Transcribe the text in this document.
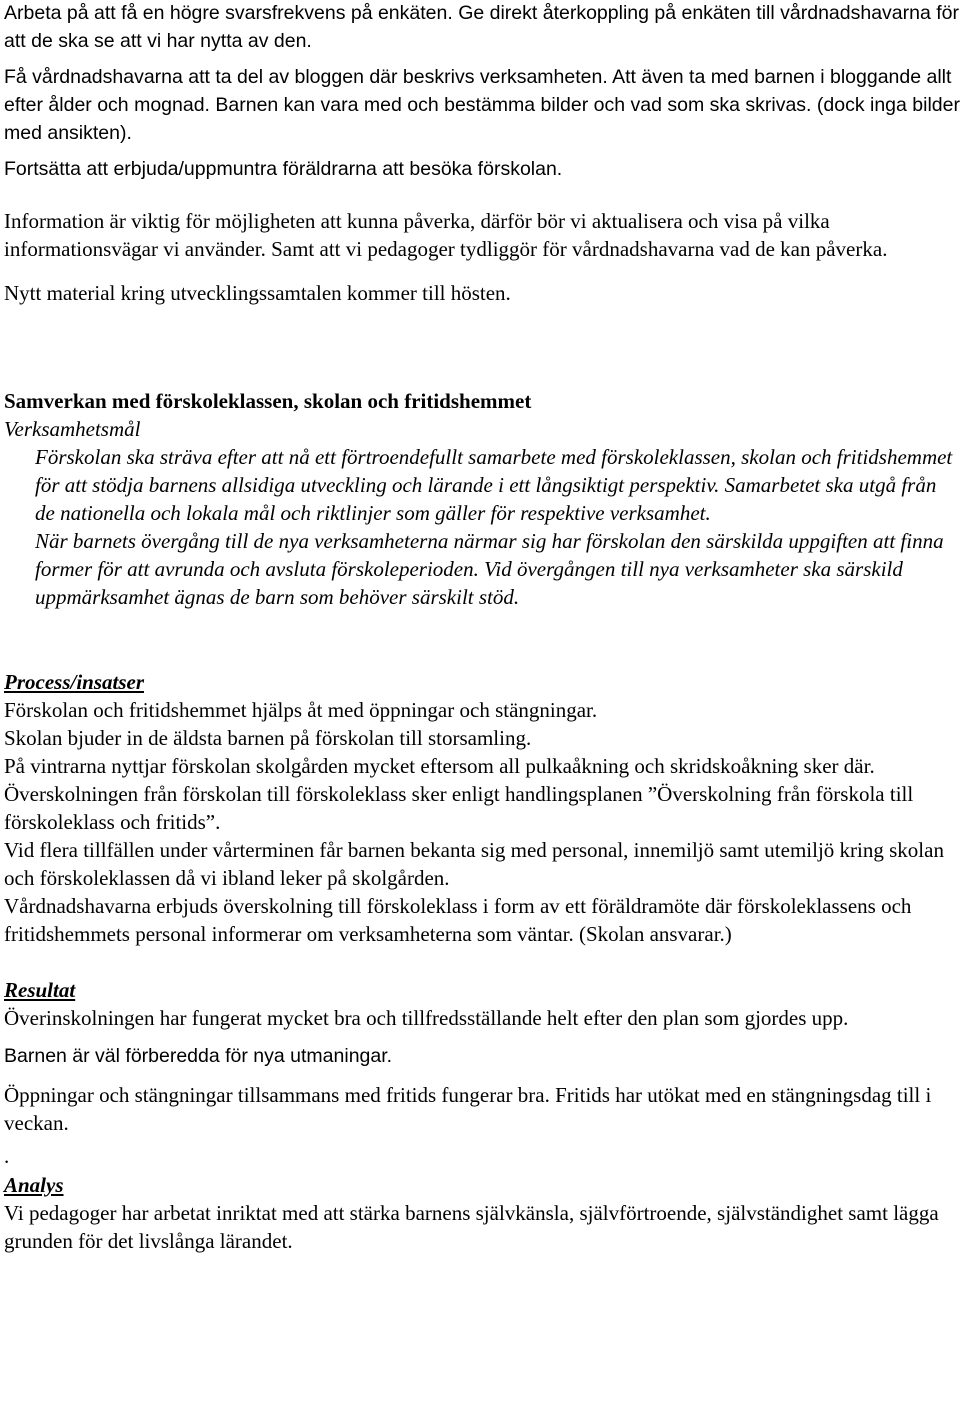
Arbeta på att få en högre svarsfrekvens på enkäten. Ge direkt återkoppling på enkäten till vårdnadshavarna för att de ska se att vi har nytta av den.

Få vårdnadshavarna att ta del av bloggen där beskrivs verksamheten. Att även ta med barnen i bloggande allt efter ålder och mognad. Barnen kan vara med och bestämma bilder och vad som ska skrivas. (dock inga bilder med ansikten).

Fortsätta att erbjuda/uppmuntra föräldrarna att besöka förskolan.

Information är viktig för möjligheten att kunna påverka, därför bör vi aktualisera och visa på vilka informationsvägar vi använder. Samt att vi pedagoger tydliggör för vårdnadshavarna vad de kan påverka.

Nytt material kring utvecklingssamtalen kommer till hösten.

Samverkan med förskoleklassen, skolan och fritidshemmet
Verksamhetsmål

Förskolan ska sträva efter att nå ett förtroendefullt samarbete med förskoleklassen, skolan och fritidshemmet för att stödja barnens allsidiga utveckling och lärande i ett långsiktigt perspektiv. Samarbetet ska utgå från de nationella och lokala mål och riktlinjer som gäller för respektive verksamhet.

När barnets övergång till de nya verksamheterna närmar sig har förskolan den särskilda uppgiften att finna former för att avrunda och avsluta förskoleperioden. Vid övergången till nya verksamheter ska särskild uppmärksamhet ägnas de barn som behöver särskilt stöd.

Process/insatser

Förskolan och fritidshemmet hjälps åt med öppningar och stängningar.

Skolan bjuder in de äldsta barnen på förskolan till storsamling.

På vintrarna nyttjar förskolan skolgården mycket eftersom all pulkaåkning och skridskoåkning sker där.

Överskolningen från förskolan till förskoleklass sker enligt handlingsplanen ”Överskolning från förskola till förskoleklass och fritids”.

Vid flera tillfällen under vårterminen får barnen bekanta sig med personal, innemiljö samt utemiljö kring skolan och förskoleklassen då vi ibland leker på skolgården.

Vårdnadshavarna erbjuds överskolning till förskoleklass i form av ett föräldramöte där förskoleklassens och fritidshemmets personal informerar om verksamheterna som väntar. (Skolan ansvarar.)

Resultat

Överinskolningen har fungerat mycket bra och tillfredsställande helt efter den plan som gjordes upp.

Barnen är väl förberedda för nya utmaningar.

Öppningar och stängningar tillsammans med fritids fungerar bra. Fritids har utökat med en stängningsdag till i veckan.

.
Analys

Vi pedagoger har arbetat inriktat med att stärka barnens självkänsla, självförtroende, självständighet samt lägga grunden för det livslånga lärandet.
